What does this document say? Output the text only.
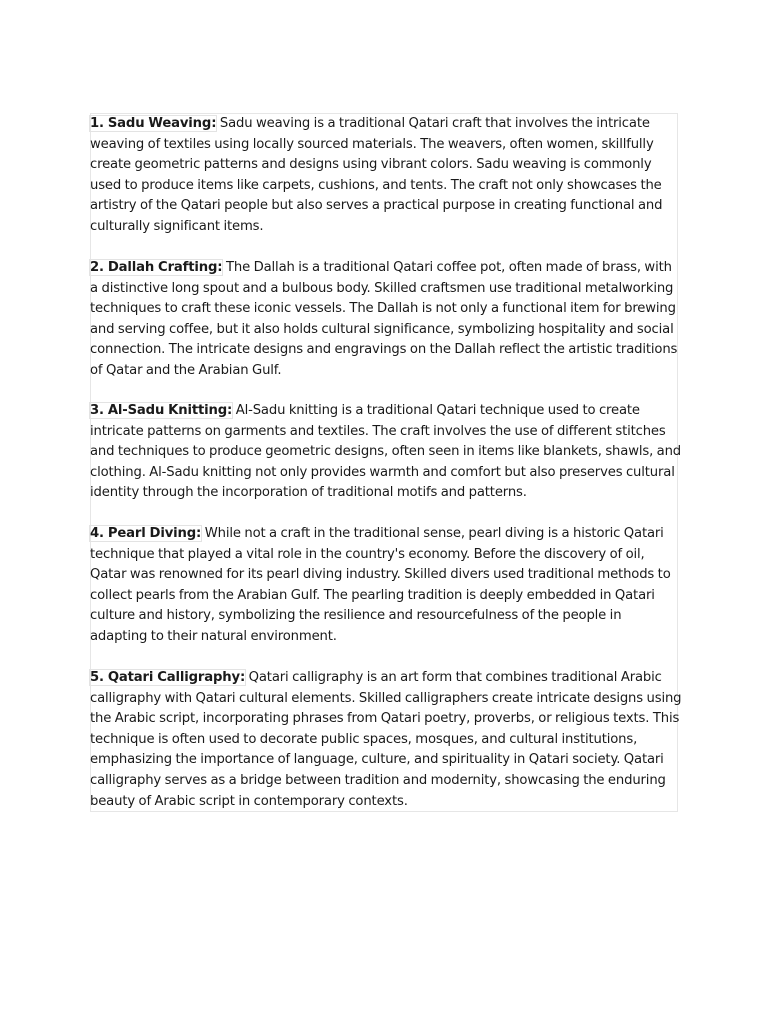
1. Sadu Weaving: Sadu weaving is a traditional Qatari craft that involves the intricate weaving of textiles using locally sourced materials. The weavers, often women, skillfully create geometric patterns and designs using vibrant colors. Sadu weaving is commonly used to produce items like carpets, cushions, and tents. The craft not only showcases the artistry of the Qatari people but also serves a practical purpose in creating functional and culturally significant items.
2. Dallah Crafting: The Dallah is a traditional Qatari coffee pot, often made of brass, with a distinctive long spout and a bulbous body. Skilled craftsmen use traditional metalworking techniques to craft these iconic vessels. The Dallah is not only a functional item for brewing and serving coffee, but it also holds cultural significance, symbolizing hospitality and social connection. The intricate designs and engravings on the Dallah reflect the artistic traditions of Qatar and the Arabian Gulf.
3. Al-Sadu Knitting: Al-Sadu knitting is a traditional Qatari technique used to create intricate patterns on garments and textiles. The craft involves the use of different stitches and techniques to produce geometric designs, often seen in items like blankets, shawls, and clothing. Al-Sadu knitting not only provides warmth and comfort but also preserves cultural identity through the incorporation of traditional motifs and patterns.
4. Pearl Diving: While not a craft in the traditional sense, pearl diving is a historic Qatari technique that played a vital role in the country's economy. Before the discovery of oil, Qatar was renowned for its pearl diving industry. Skilled divers used traditional methods to collect pearls from the Arabian Gulf. The pearling tradition is deeply embedded in Qatari culture and history, symbolizing the resilience and resourcefulness of the people in adapting to their natural environment.
5. Qatari Calligraphy: Qatari calligraphy is an art form that combines traditional Arabic calligraphy with Qatari cultural elements. Skilled calligraphers create intricate designs using the Arabic script, incorporating phrases from Qatari poetry, proverbs, or religious texts. This technique is often used to decorate public spaces, mosques, and cultural institutions, emphasizing the importance of language, culture, and spirituality in Qatari society. Qatari calligraphy serves as a bridge between tradition and modernity, showcasing the enduring beauty of Arabic script in contemporary contexts.
